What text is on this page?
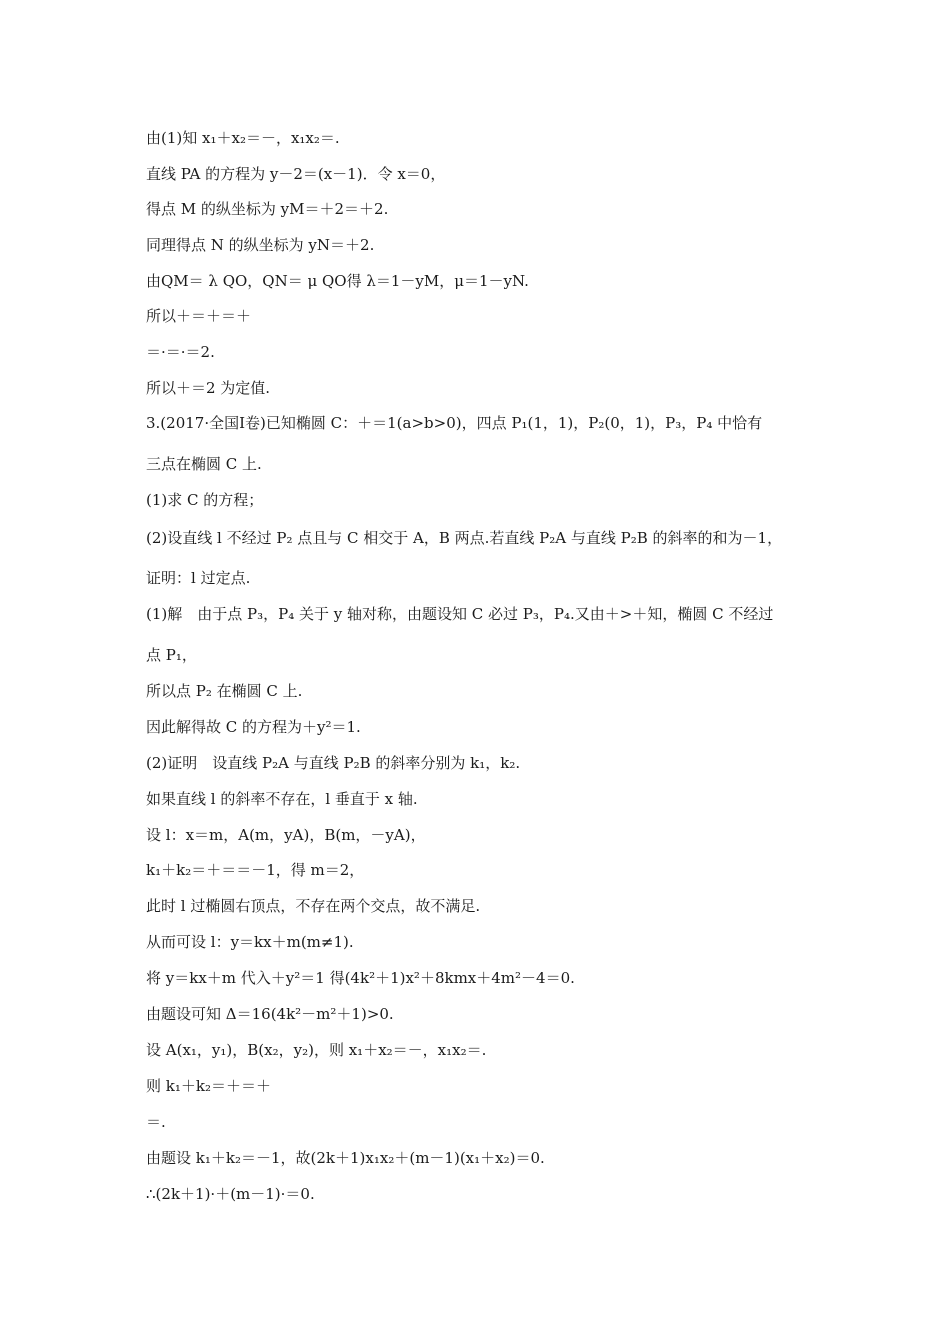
由(1)知 x₁＋x₂＝－，x₁x₂＝.
直线 PA 的方程为 y－2＝(x－1)．令 x＝0，
得点 M 的纵坐标为 yM＝＋2＝＋2.
同理得点 N 的纵坐标为 yN＝＋2.
由QM＝ λ QO，QN＝ μ QO得 λ＝1－yM，μ＝1－yN.
所以＋＝＋＝＋
＝·＝·＝2.
所以＋＝2 为定值.
3.(2017·全国Ⅰ卷)已知椭圆 C：＋＝1(a>b>0)，四点 P₁(1，1)，P₂(0，1)，P₃，P₄ 中恰有
三点在椭圆 C 上.
(1)求 C 的方程；
(2)设直线 l 不经过 P₂ 点且与 C 相交于 A，B 两点.若直线 P₂A 与直线 P₂B 的斜率的和为－1，
证明：l 过定点.
(1)解　由于点 P₃，P₄ 关于 y 轴对称，由题设知 C 必过 P₃，P₄.又由＋>＋知，椭圆 C 不经过
点 P₁，
所以点 P₂ 在椭圆 C 上.
因此解得故 C 的方程为＋y²＝1.
(2)证明　设直线 P₂A 与直线 P₂B 的斜率分别为 k₁，k₂.
如果直线 l 的斜率不存在，l 垂直于 x 轴.
设 l：x＝m，A(m，yA)，B(m，－yA)，
k₁＋k₂＝＋＝＝－1，得 m＝2，
此时 l 过椭圆右顶点，不存在两个交点，故不满足.
从而可设 l：y＝kx＋m(m≠1).
将 y＝kx＋m 代入＋y²＝1 得(4k²＋1)x²＋8kmx＋4m²－4＝0.
由题设可知 Δ＝16(4k²－m²＋1)>0.
设 A(x₁，y₁)，B(x₂，y₂)，则 x₁＋x₂＝－，x₁x₂＝.
则 k₁＋k₂＝＋＝＋
＝.
由题设 k₁＋k₂＝－1，故(2k＋1)x₁x₂＋(m－1)(x₁＋x₂)＝0.
∴(2k＋1)·＋(m－1)·＝0.
